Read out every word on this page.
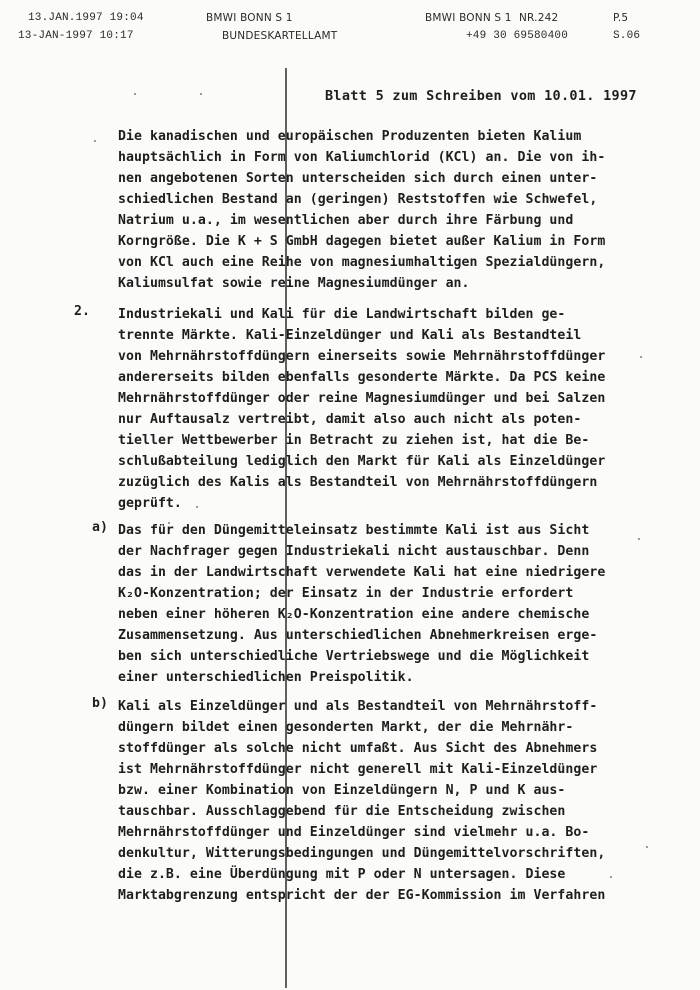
13.JAN.1997 19:04	BMWI BONN S 1	BMWI BONN S 1 NR.242	P.5
13-JAN-1997 10:17	BUNDESKARTELLAMT	+49 30 69580400	S.06
Blatt 5 zum Schreiben vom 10.01. 1997
Die kanadischen und europäischen Produzenten bieten Kalium
hauptsächlich in Form von Kaliumchlorid (KCl) an. Die von ih-
nen angebotenen Sorten unterscheiden sich durch einen unter-
schiedlichen Bestand an (geringen) Reststoffen wie Schwefel,
Natrium u.a., im wesentlichen aber durch ihre Färbung und
Korngröße. Die K + S GmbH dagegen bietet außer Kalium in Form
von KCl auch eine Reihe von magnesiumhaltigen Spezialdüngern,
Kaliumsulfat sowie reine Magnesiumdünger an.
2. Industriekali und Kali für die Landwirtschaft bilden ge-
trennte Märkte. Kali-Einzeldünger und Kali als Bestandteil
von Mehrnährstoffdüngern einerseits sowie Mehrnährstoffdünger
andererseits bilden ebenfalls gesonderte Märkte. Da PCS keine
Mehrnährstoffdünger oder reine Magnesiumdünger und bei Salzen
nur Auftausalz vertreibt, damit also auch nicht als poten-
tieller Wettbewerber in Betracht zu ziehen ist, hat die Be-
schlußabteilung lediglich den Markt für Kali als Einzeldünger
zuzüglich des Kalis als Bestandteil von Mehrnährstoffdüngern
geprüft.
a) Das für den Düngemitteleinsatz bestimmte Kali ist aus Sicht
der Nachfrager gegen Industriekali nicht austauschbar. Denn
das in der Landwirtschaft verwendete Kali hat eine niedrigere
K₂O-Konzentration; der Einsatz in der Industrie erfordert
neben einer höheren K₂O-Konzentration eine andere chemische
Zusammensetzung. Aus unterschiedlichen Abnehmerkreisen erge-
ben sich unterschiedliche Vertriebswege und die Möglichkeit
einer unterschiedlichen Preispolitik.
b) Kali als Einzeldünger und als Bestandteil von Mehrnährstoff-
düngern bildet einen gesonderten Markt, der die Mehrnähr-
stoffdünger als solche nicht umfaßt. Aus Sicht des Abnehmers
ist Mehrnährstoffdünger nicht generell mit Kali-Einzeldünger
bzw. einer Kombination von Einzeldüngern N, P und K aus-
tauschbar. Ausschlaggebend für die Entscheidung zwischen
Mehrnährstoffdünger und Einzeldünger sind vielmehr u.a. Bo-
denkultur, Witterungsbedingungen und Düngemittelvorschriften,
die z.B. eine Überdüngung mit P oder N untersagen. Diese
Marktabgrenzung entspricht der der EG-Kommission im Verfahren
